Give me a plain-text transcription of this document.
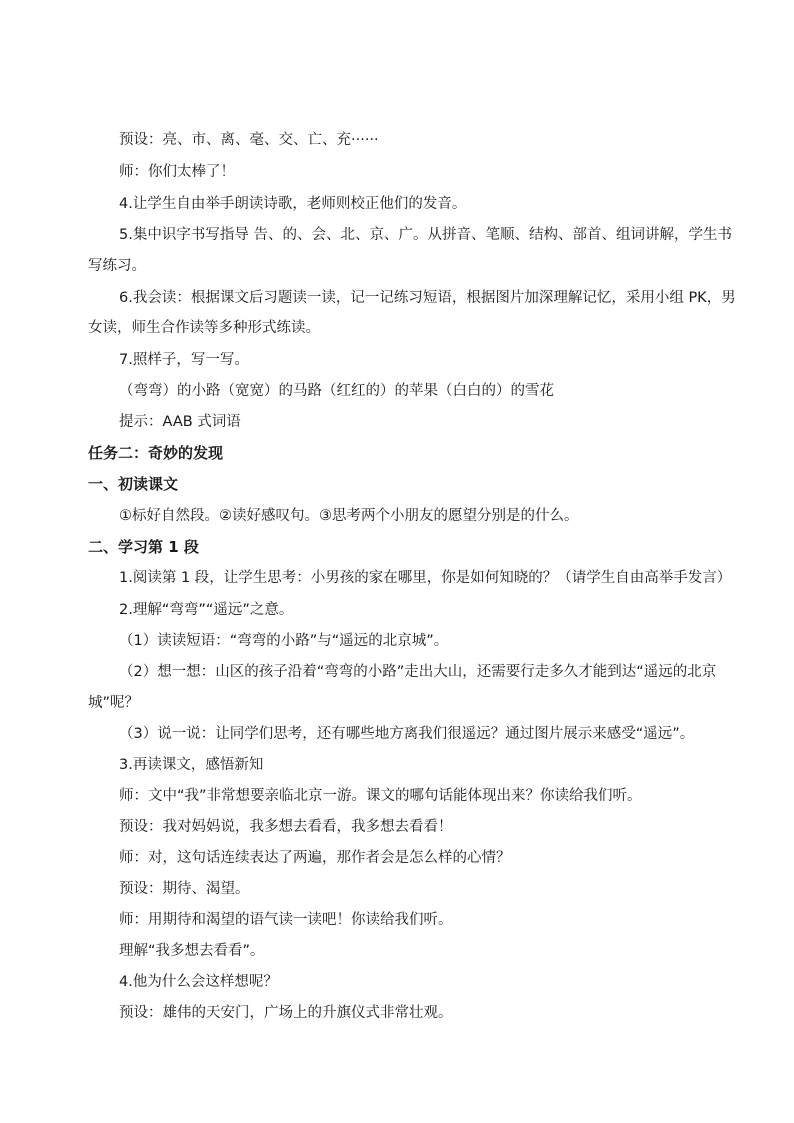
预设：亮、市、离、毫、交、亡、充······
师：你们太棒了！
4.让学生自由举手朗读诗歌，老师则校正他们的发音。
5.集中识字书写指导 告、的、会、北、京、广。从拼音、笔顺、结构、部首、组词讲解，学生书
写练习。
6.我会读：根据课文后习题读一读，记一记练习短语，根据图片加深理解记忆，采用小组 PK，男
女读，师生合作读等多种形式练读。
7.照样子，写一写。
（弯弯）的小路（宽宽）的马路（红红的）的苹果（白白的）的雪花
提示：AAB 式词语
任务二：奇妙的发现
一、初读课文
①标好自然段。②读好感叹句。③思考两个小朋友的愿望分别是的什么。
二、学习第 1 段
1.阅读第 1 段，让学生思考：小男孩的家在哪里，你是如何知晓的？（请学生自由高举手发言）
2.理解“弯弯”“遥远”之意。
（1）读读短语：“弯弯的小路”与“遥远的北京城”。
（2）想一想：山区的孩子沿着“弯弯的小路”走出大山，还需要行走多久才能到达“遥远的北京
城”呢？
（3）说一说：让同学们思考，还有哪些地方离我们很遥远？通过图片展示来感受“遥远”。
3.再读课文，感悟新知
师：文中“我”非常想要亲临北京一游。课文的哪句话能体现出来？你读给我们听。
预设：我对妈妈说，我多想去看看，我多想去看看！
师：对，这句话连续表达了两遍，那作者会是怎么样的心情？
预设：期待、渴望。
师：用期待和渴望的语气读一读吧！你读给我们听。
理解“我多想去看看”。
4.他为什么会这样想呢？
预设：雄伟的天安门，广场上的升旗仪式非常壮观。
